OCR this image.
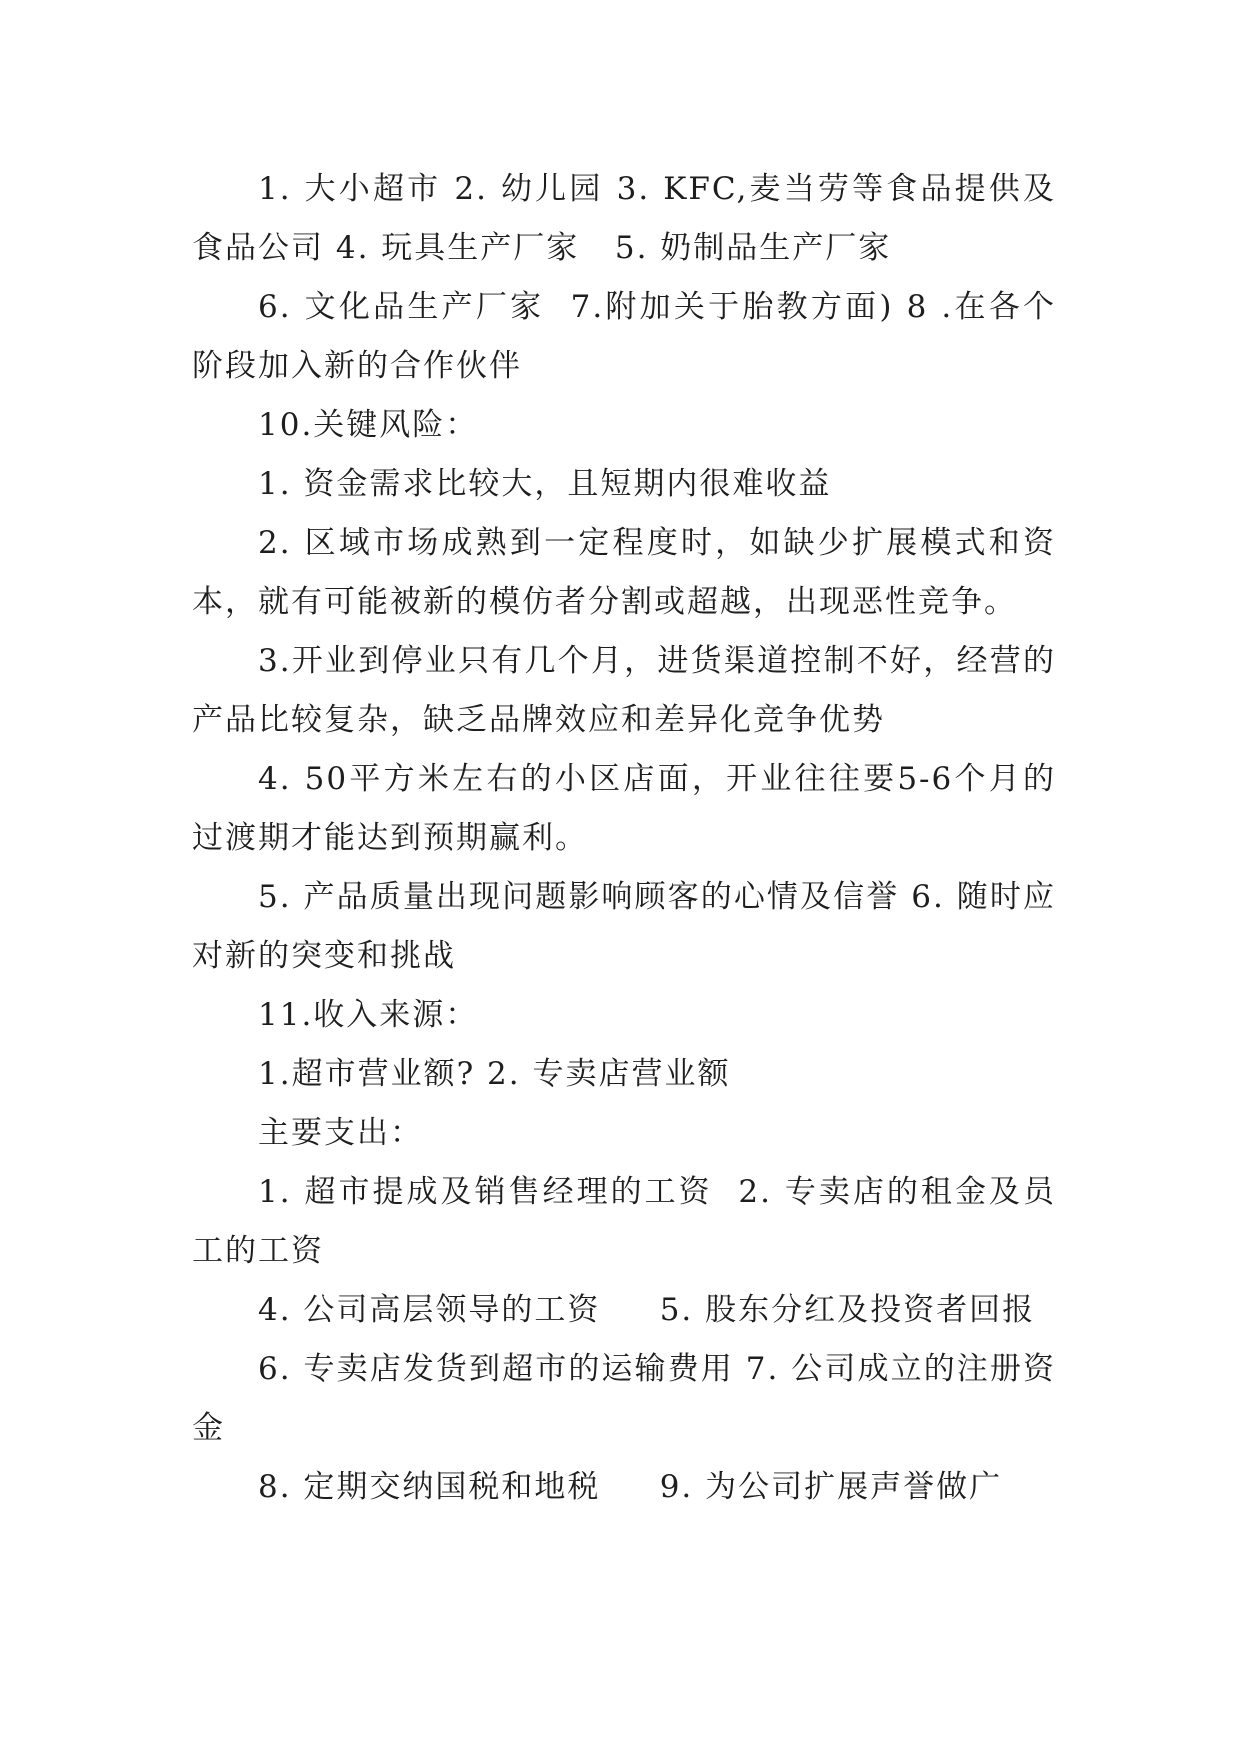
1. 大小超市 2. 幼儿园 3. KFC,麦当劳等食品提供及食品公司 4. 玩具生产厂家   5. 奶制品生产厂家

6. 文化品生产厂家  7.附加关于胎教方面) 8 .在各个阶段加入新的合作伙伴

10.关键风险：

1. 资金需求比较大，且短期内很难收益

2. 区域市场成熟到一定程度时，如缺少扩展模式和资本，就有可能被新的模仿者分割或超越，出现恶性竞争。

3.开业到停业只有几个月，进货渠道控制不好，经营的产品比较复杂，缺乏品牌效应和差异化竞争优势

4. 50平方米左右的小区店面，开业往往要5-6个月的过渡期才能达到预期赢利。

5. 产品质量出现问题影响顾客的心情及信誉 6. 随时应对新的突变和挑战

11.收入来源：

1.超市营业额? 2. 专卖店营业额

主要支出：

1. 超市提成及销售经理的工资  2. 专卖店的租金及员工的工资

4. 公司高层领导的工资     5. 股东分红及投资者回报

6. 专卖店发货到超市的运输费用 7. 公司成立的注册资金

8. 定期交纳国税和地税     9. 为公司扩展声誉做广
